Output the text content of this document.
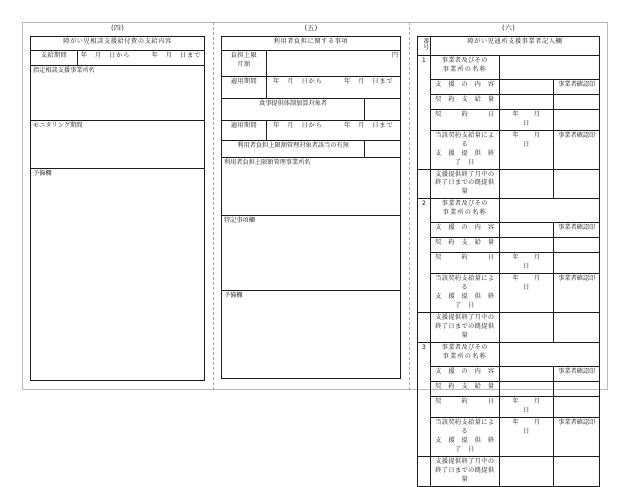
(四)
障がい児相談支援給付費の支給内容
支給期間	年　月　日から　　　年　月　日まで

指定相談支援事業所名
モニタリング期間
予備欄
(五)
利用者負担に関する事項		
負担上限
月額	円	
適用期間	年　月　日から　　　年　月　日まで	

食事提供体制加算対象者		
適用期間	年　月　日から　　　年　月　日まで	

利用者負担上限額管理対象者該当の有無		
利用者負担上限額管理事業所名		
特記事項欄		
予備欄		
(六)
番号	障がい児通所支援事業者記入欄		
1	事業者及びその
事業所の名称		
	支　援　の　内　容		事業者確認印
	契　約　支　給　量		
	契　　　約　　　日	年　　月　　日	

	当該契約支給量による
支　援　提　供　終　了　日	年　　月　　日	事業者確認印
	支援提供終了月中の
終了日までの既提供量		
2	事業者及びその
事業所の名称		
	支　援　の　内　容		事業者確認印
	契　約　支　給　量		
	契　　　約　　　日	年　　月　　日	

	当該契約支給量による
支　援　提　供　終　了　日	年　　月　　日	事業者確認印
	支援提供終了月中の
終了日までの既提供量		
3	事業者及びその
事業所の名称		
	支　援　の　内　容		事業者確認印
	契　約　支　給　量		
	契　　　約　　　日	年　　月　　日	

	当該契約支給量による
支　援　提　供　終　了　日	年　　月　　日	事業者確認印
	支援提供終了月中の
終了日までの既提供量		
